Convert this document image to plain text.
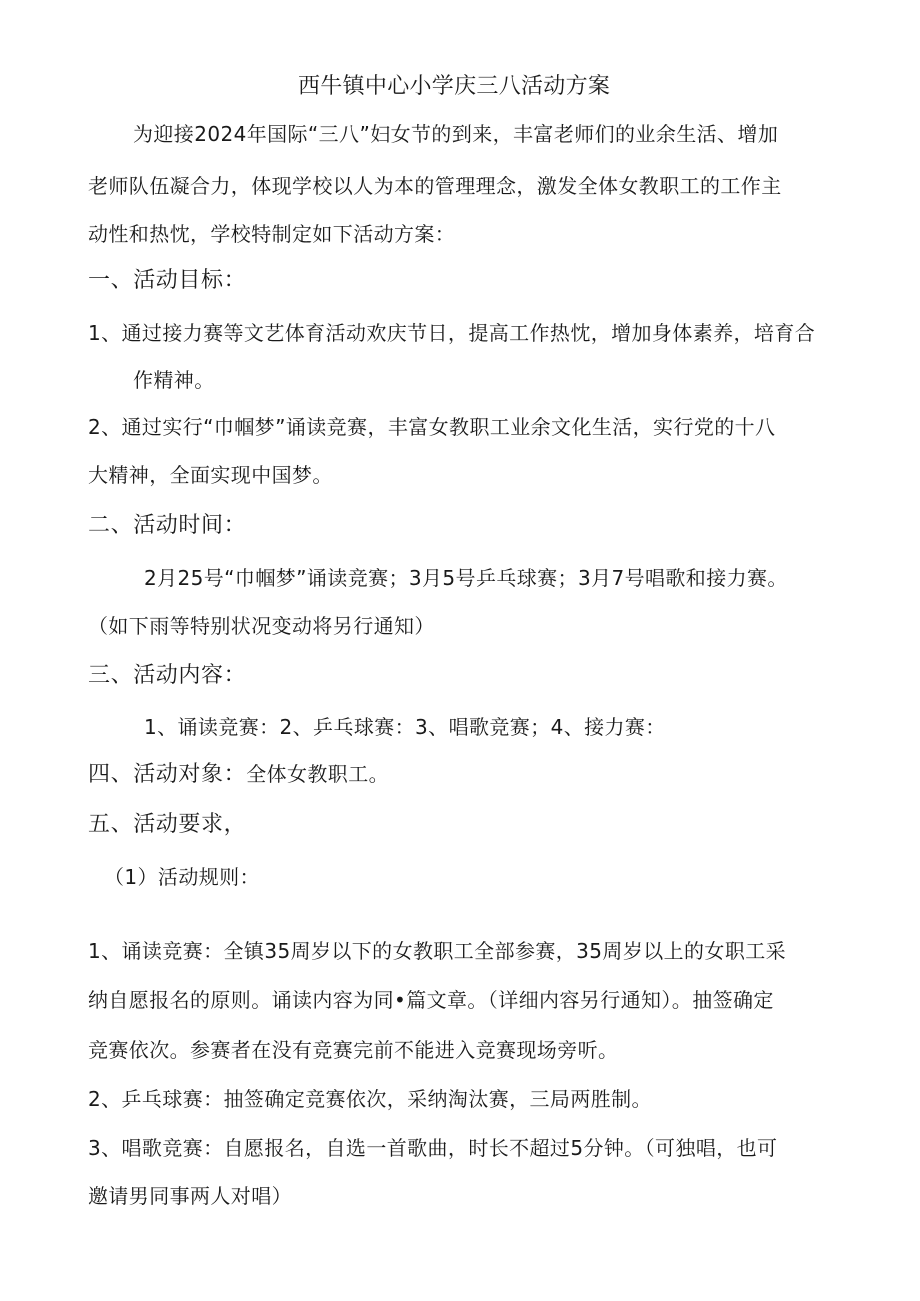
西牛镇中心小学庆三八活动方案
为迎接2024年国际“三八”妇女节的到来，丰富老师们的业余生活、增加
老师队伍凝合力，体现学校以人为本的管理理念，激发全体女教职工的工作主
动性和热忱，学校特制定如下活动方案：
一、活动目标：
1、通过接力赛等文艺体育活动欢庆节日，提高工作热忱，增加身体素养，培育合
作精神。
2、通过实行“巾帼梦”诵读竞赛，丰富女教职工业余文化生活，实行党的十八
大精神，全面实现中国梦。
二、活动时间：
2月25号“巾帼梦”诵读竞赛；3月5号乒乓球赛；3月7号唱歌和接力赛。
（如下雨等特别状况变动将另行通知）
三、活动内容：
1、诵读竞赛：2、乒乓球赛：3、唱歌竞赛；4、接力赛：
四、活动对象：全体女教职工。
五、活动要求，
（1）活动规则：
1、诵读竞赛：全镇35周岁以下的女教职工全部参赛，35周岁以上的女职工采
纳自愿报名的原则。诵读内容为同•篇文章。（详细内容另行通知）。抽签确定
竞赛依次。参赛者在没有竞赛完前不能进入竞赛现场旁听。
2、乒乓球赛：抽签确定竞赛依次，采纳淘汰赛，三局两胜制。
3、唱歌竞赛：自愿报名，自选一首歌曲，时长不超过5分钟。（可独唱，也可
邀请男同事两人对唱）
